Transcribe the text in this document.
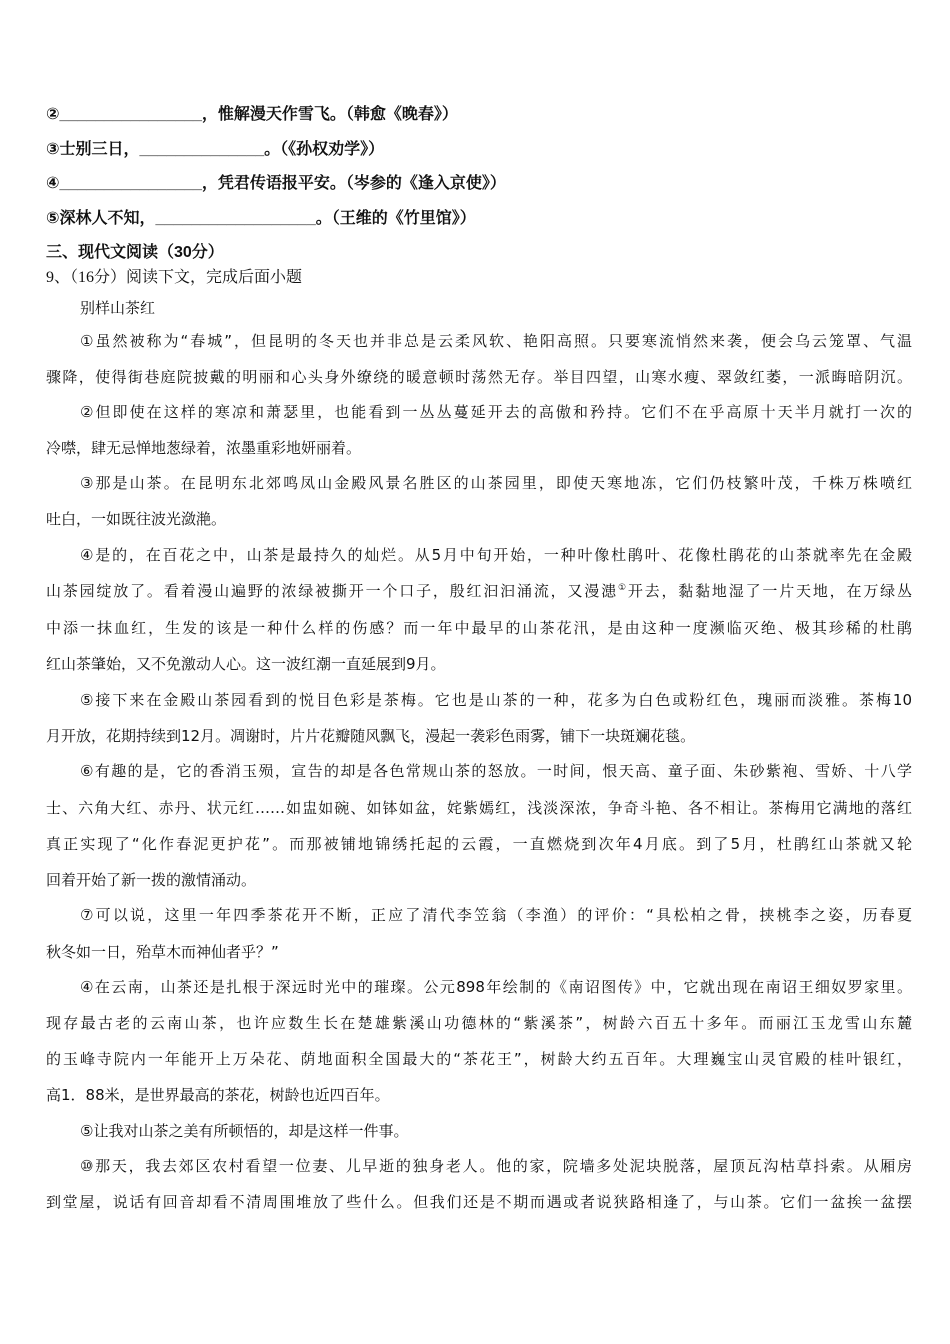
②________________，惟解漫天作雪飞。（韩愈《晚春》）
③士别三日，______________。（《孙权劝学》）
④________________，凭君传语报平安。（岑参的《逢入京使》）
⑤深林人不知，__________________。（王维的《竹里馆》）
三、现代文阅读（30分）
9、（16分）阅读下文，完成后面小题
别样山茶红
①虽然被称为“春城”，但昆明的冬天也并非总是云柔风软、艳阳高照。只要寒流悄然来袭，便会乌云笼罩、气温
骤降，使得街巷庭院披戴的明丽和心头身外缭绕的暖意顿时荡然无存。举目四望，山寒水瘦、翠敛红萎，一派晦暗阴沉。
②但即使在这样的寒凉和萧瑟里，也能看到一丛丛蔓延开去的高傲和矜持。它们不在乎高原十天半月就打一次的
冷噤，肆无忌惮地葱绿着，浓墨重彩地妍丽着。
③那是山茶。在昆明东北郊鸣凤山金殿风景名胜区的山茶园里，即使天寒地冻，它们仍枝繁叶茂，千株万株喷红
吐白，一如既往波光潋滟。
④是的，在百花之中，山茶是最持久的灿烂。从5月中旬开始，一种叶像杜鹃叶、花像杜鹃花的山茶就率先在金殿
山茶园绽放了。看着漫山遍野的浓绿被撕开一个口子，殷红汩汩涌流，又漫漶①开去，黏黏地湿了一片天地，在万绿丛
中添一抹血红，生发的该是一种什么样的伤感？而一年中最早的山茶花汛，是由这种一度濒临灭绝、极其珍稀的杜鹃
红山茶肇始，又不免激动人心。这一波红潮一直延展到9月。
⑤接下来在金殿山茶园看到的悦目色彩是茶梅。它也是山茶的一种，花多为白色或粉红色，瑰丽而淡雅。茶梅10
月开放，花期持续到12月。凋谢时，片片花瓣随风飘飞，漫起一袭彩色雨雾，铺下一块斑斓花毯。
⑥有趣的是，它的香消玉殒，宣告的却是各色常规山茶的怒放。一时间，恨天高、童子面、朱砂紫袍、雪娇、十八学
士、六角大红、赤丹、状元红……如盅如碗、如钵如盆，姹紫嫣红，浅淡深浓，争奇斗艳、各不相让。茶梅用它满地的落红
真正实现了“化作春泥更护花”。而那被铺地锦绣托起的云霞，一直燃烧到次年4月底。到了5月，杜鹃红山茶就又轮
回着开始了新一拨的激情涌动。
⑦可以说，这里一年四季茶花开不断，正应了清代李笠翁（李渔）的评价：“具松柏之骨，挟桃李之姿，历春夏
秋冬如一日，殆草木而神仙者乎？”
④在云南，山茶还是扎根于深远时光中的璀璨。公元898年绘制的《南诏图传》中，它就出现在南诏王细奴罗家里。
现存最古老的云南山茶，也许应数生长在楚雄紫溪山功德林的“紫溪茶”，树龄六百五十多年。而丽江玉龙雪山东麓
的玉峰寺院内一年能开上万朵花、荫地面积全国最大的“茶花王”，树龄大约五百年。大理巍宝山灵官殿的桂叶银红，
高1．88米，是世界最高的茶花，树龄也近四百年。
⑤让我对山茶之美有所顿悟的，却是这样一件事。
⑩那天，我去郊区农村看望一位妻、儿早逝的独身老人。他的家，院墙多处泥块脱落，屋顶瓦沟枯草抖索。从厢房
到堂屋，说话有回音却看不清周围堆放了些什么。但我们还是不期而遇或者说狭路相逢了，与山茶。它们一盆挨一盆摆
